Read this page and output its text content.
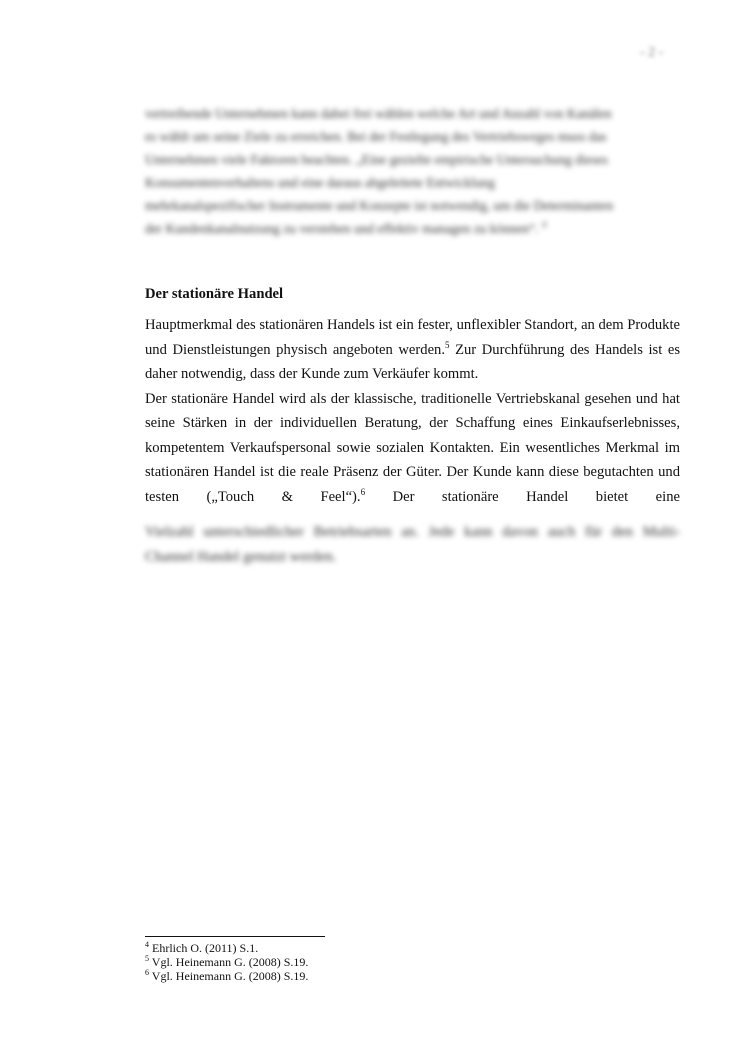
- 2 -
vertreibende Unternehmen kann dabei frei wählen welche Art und Anzahl von Kanälen
es wählt um seine Ziele zu erreichen. Bei der Festlegung des Vertriebsweges muss das
Unternehmen viele Faktoren beachten. „Eine gezielte empirische Untersuchung dieses
Konsumentenverhaltens und eine daraus abgeleitete Entwicklung
mehrkanalspezifischer Instrumente und Konzepte ist notwendig, um die Determinanten
der Kundenkanalnutzung zu verstehen und effektiv managen zu können“. $^4$
Der stationäre Handel
Hauptmerkmal des stationären Handels ist ein fester, unflexibler Standort, an dem Produkte und Dienstleistungen physisch angeboten werden.$^5$ Zur Durchführung des Handels ist es daher notwendig, dass der Kunde zum Verkäufer kommt.
Der stationäre Handel wird als der klassische, traditionelle Vertriebskanal gesehen und hat seine Stärken in der individuellen Beratung, der Schaffung eines Einkaufserlebnisses, kompetentem Verkaufspersonal sowie sozialen Kontakten. Ein wesentliches Merkmal im stationären Handel ist die reale Präsenz der Güter. Der Kunde kann diese begutachten und testen („Touch & Feel“).$^6$ Der stationäre Handel bietet eine
Vielzahl unterschiedlicher Betriebsarten an. Jede kann davon auch für den Multi-
Channel Handel genutzt werden.
$^4$ Ehrlich O. (2011) S.1.
$^5$ Vgl. Heinemann G. (2008) S.19.
$^6$ Vgl. Heinemann G. (2008) S.19.
